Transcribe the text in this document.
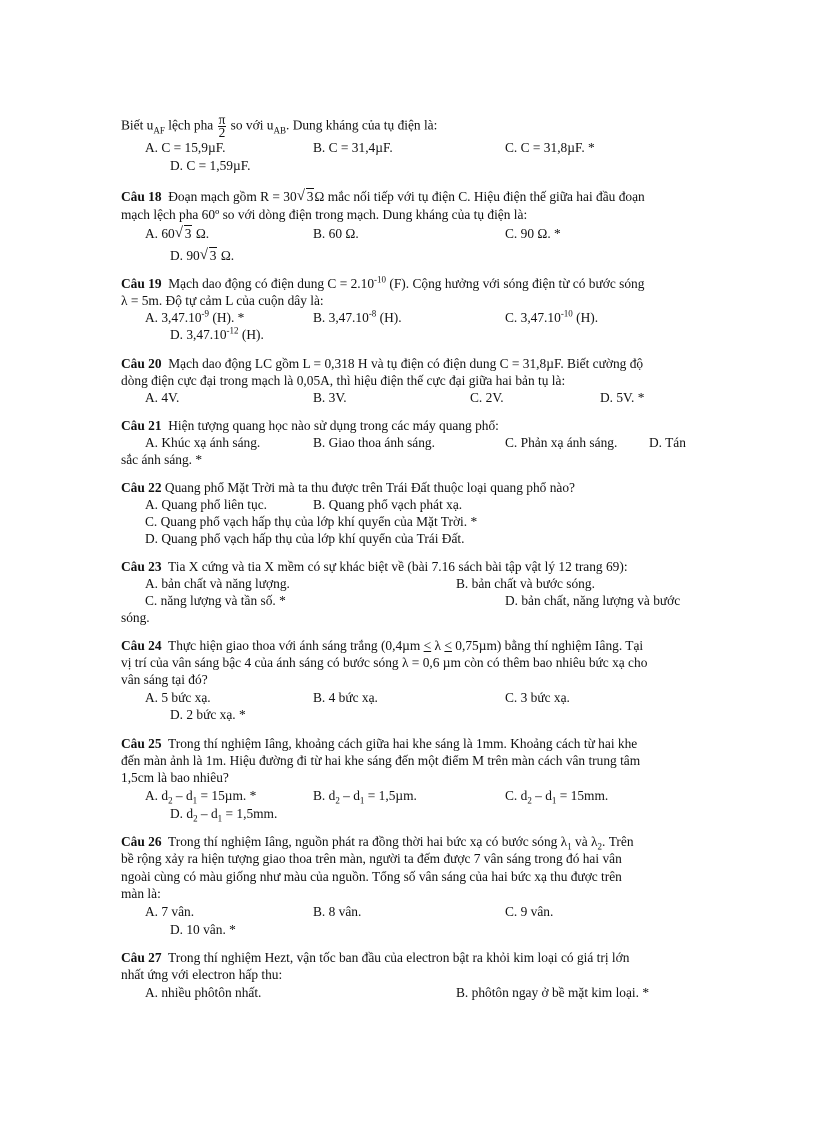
Biết $u_{AF}$ lệch pha $\frac{\pi}{2}$ so với $u_{AB}$. Dung kháng của tụ điện là:
A. C = 15,9µF.	B. C = 31,4µF.	C. C = 31,8µF. *
D. C = 1,59µF.
Câu 18 Đoạn mạch gồm R = 30 √ 3Ω mắc nối tiếp với tụ điện C. Hiệu điện thế giữa hai đầu đoạn
mạch lệch pha 60º so với dòng điện trong mạch. Dung kháng của tụ điện là:
A. 60 √ 3 Ω.	B. 60 Ω.	C. 90 Ω. *
D. 90 √ 3 Ω.
Câu 19 Mạch dao động có điện dung $C = 2.10^{-10}$ (F). Cộng hưởng với sóng điện từ có bước sóng
λ = 5m. Độ tự cảm L của cuộn dây là:
A. $3,47.10^{-9}$ (H). *	B. $3,47.10^{-8}$ (H).	C. $3,47.10^{-10}$ (H).
D. $3,47.10^{-12}$ (H).
Câu 20 Mạch dao động LC gồm L = 0,318 H và tụ điện có điện dung C = 31,8µF. Biết cường độ
dòng điện cực đại trong mạch là 0,05A, thì hiệu điện thế cực đại giữa hai bản tụ là:
A. 4V.	B. 3V.	C. 2V.	D. 5V. *
Câu 21 Hiện tượng quang học nào sử dụng trong các máy quang phổ:
A. Khúc xạ ánh sáng.	B. Giao thoa ánh sáng.	C. Phản xạ ánh sáng. D. Tán
sắc ánh sáng. *
Câu 22 Quang phổ Mặt Trời mà ta thu được trên Trái Đất thuộc loại quang phổ nào?
A. Quang phổ liên tục.	B. Quang phổ vạch phát xạ.
C. Quang phổ vạch hấp thụ của lớp khí quyển của Mặt Trời. *
D. Quang phổ vạch hấp thụ của lớp khí quyển của Trái Đất.
Câu 23 Tia X cứng và tia X mềm có sự khác biệt về (bài 7.16 sách bài tập vật lý 12 trang 69):
A. bản chất và năng lượng.	B. bản chất và bước sóng.
C. năng lượng và tần số. *	D. bản chất, năng lượng và bước
sóng.
Câu 24 Thực hiện giao thoa với ánh sáng trắng (0,4µm < λ < 0,75µm) bằng thí nghiệm Iâng. Tại
vị trí của vân sáng bậc 4 của ánh sáng có bước sóng λ = 0,6 µm còn có thêm bao nhiêu bức xạ cho
vân sáng tại đó?
A. 5 bức xạ.	B. 4 bức xạ.	C. 3 bức xạ.
D. 2 bức xạ. *
Câu 25 Trong thí nghiệm Iâng, khoảng cách giữa hai khe sáng là 1mm. Khoảng cách từ hai khe
đến màn ảnh là 1m. Hiệu đường đi từ hai khe sáng đến một điểm M trên màn cách vân trung tâm
1,5cm là bao nhiêu?
A. $d_2 - d_1 = 15\mu m$. *	B. $d_2 - d_1 = 1,5\mu m$.	C. $d_2 - d_1 = 15mm$.
D. $d_2 - d_1 = 1,5mm$.
Câu 26 Trong thí nghiệm Iâng, nguồn phát ra đồng thời hai bức xạ có bước sóng $\lambda_1$ và $\lambda_2$. Trên
bề rộng xảy ra hiện tượng giao thoa trên màn, người ta đếm được 7 vân sáng trong đó hai vân
ngoài cùng có màu giống như màu của nguồn. Tổng số vân sáng của hai bức xạ thu được trên
màn là:
A. 7 vân.	B. 8 vân.	C. 9 vân.
D. 10 vân. *
Câu 27 Trong thí nghiệm Hezt, vận tốc ban đầu của electron bật ra khỏi kim loại có giá trị lớn
nhất ứng với electron hấp thu:
A. nhiều phôtôn nhất.	B. phôtôn ngay ở bề mặt kim loại. *
